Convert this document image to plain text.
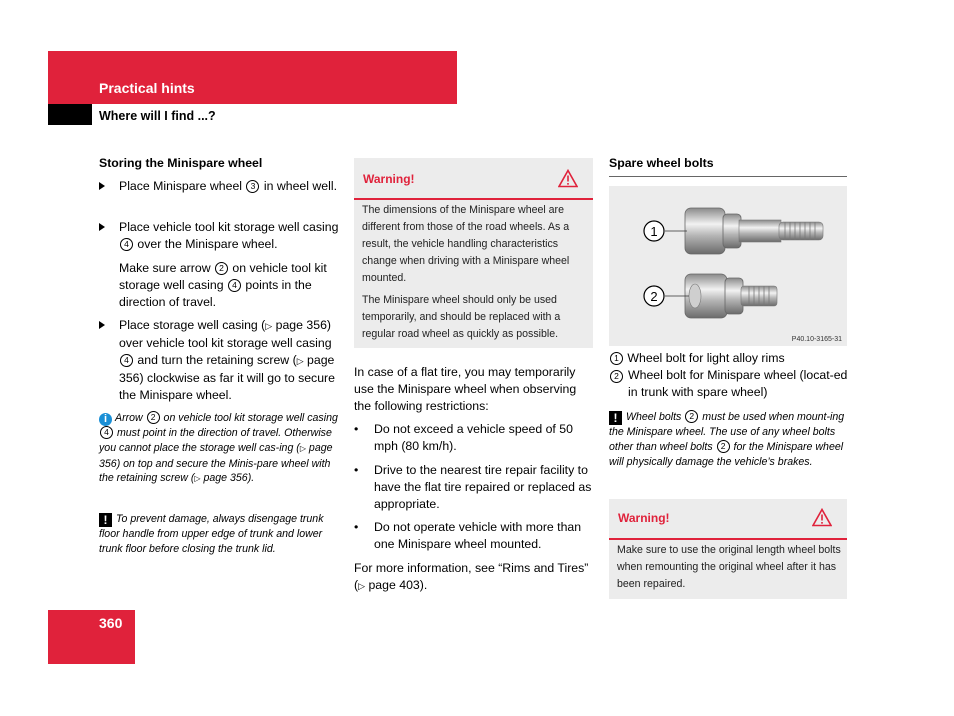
Practical hints
Where will I find ...?
Storing the Minispare wheel
Place Minispare wheel 3 in wheel well.
Place vehicle tool kit storage well casing 4 over the Minispare wheel.
Make sure arrow 2 on vehicle tool kit storage well casing 4 points in the direction of travel.
Place storage well casing (▷ page 356) over vehicle tool kit storage well casing 4 and turn the retaining screw (▷ page 356) clockwise as far it will go to secure the Minispare wheel.
i Arrow 2 on vehicle tool kit storage well casing 4 must point in the direction of travel. Otherwise you cannot place the storage well cas-ing (▷ page 356) on top and secure the Minis-pare wheel with the retaining screw (▷ page 356).
! To prevent damage, always disengage trunk floor handle from upper edge of trunk and lower trunk floor before closing the trunk lid.
Warning!

The dimensions of the Minispare wheel are different from those of the road wheels. As a result, the vehicle handling characteristics change when driving with a Minispare wheel mounted.

The Minispare wheel should only be used temporarily, and should be replaced with a regular road wheel as quickly as possible.

In case of a flat tire, you may temporarily use the Minispare wheel when observing the following restrictions:
• Do not exceed a vehicle speed of 50 mph (80 km/h).
• Drive to the nearest tire repair facility to have the flat tire repaired or replaced as appropriate.
• Do not operate vehicle with more than one Minispare wheel mounted.
For more information, see “Rims and Tires” (▷ page 403).
Spare wheel bolts
1
2
P40.10-3165-31
1 Wheel bolt for light alloy rims
2 Wheel bolt for Minispare wheel (locat-ed in trunk with spare wheel)
! Wheel bolts 2 must be used when mount-ing the Minispare wheel. The use of any wheel bolts other than wheel bolts 2 for the Minispare wheel will physically damage the vehicle’s brakes.
Warning!

Make sure to use the original length wheel bolts when remounting the original wheel after it has been repaired.

360
